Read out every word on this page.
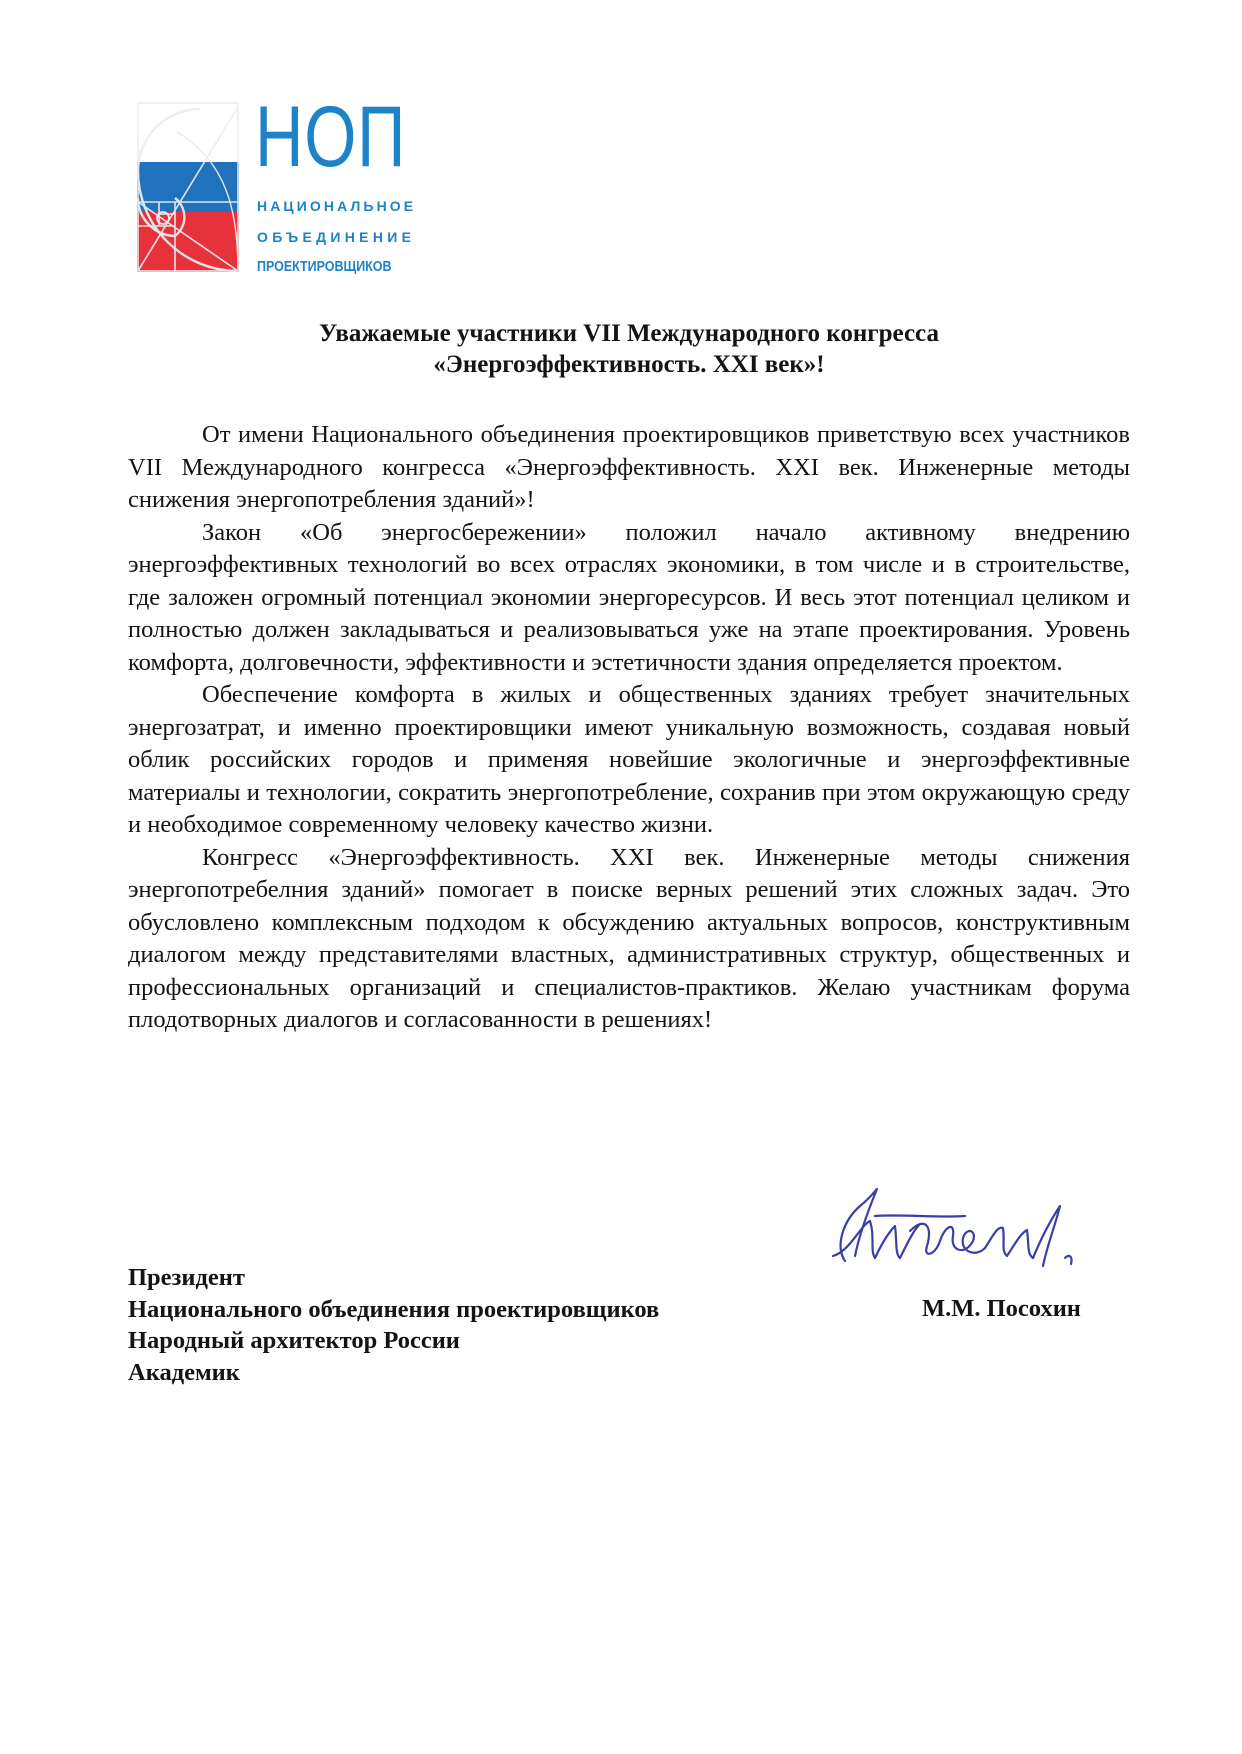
НОП
НАЦИОНАЛЬНОЕ
ОБЪЕДИНЕНИЕ
ПРОЕКТИРОВЩИКОВ
Уважаемые участники VII Международного конгресса
«Энергоэффективность. XXI век»!

От имени Национального объединения проектировщиков приветствую всех участников VII Международного конгресса «Энергоэффективность. XXI век. Инженерные методы снижения энергопотребления зданий»!

Закон «Об энергосбережении» положил начало активному внедрению энергоэффективных технологий во всех отраслях экономики, в том числе и в строительстве, где заложен огромный потенциал экономии энергоресурсов. И весь этот потенциал целиком и полностью должен закладываться и реализовываться уже на этапе проектирования. Уровень комфорта, долговечности, эффективности и эстетичности здания определяется проектом.

Обеспечение комфорта в жилых и общественных зданиях требует значительных энергозатрат, и именно проектировщики имеют уникальную возможность, создавая новый облик российских городов и применяя новейшие экологичные и энергоэффективные материалы и технологии, сократить энергопотребление, сохранив при этом окружающую среду и необходимое современному человеку качество жизни.

Конгресс «Энергоэффективность. XXI век. Инженерные методы снижения энергопотребелния зданий» помогает в поиске верных решений этих сложных задач. Это обусловлено комплексным подходом к обсуждению актуальных вопросов, конструктивным диалогом между представителями властных, административных структур, общественных и профессиональных организаций и специалистов-практиков. Желаю участникам форума плодотворных диалогов и согласованности в решениях!

Президент
Национального объединения проектировщиков
Народный архитектор России
Академик
М.М. Посохин
